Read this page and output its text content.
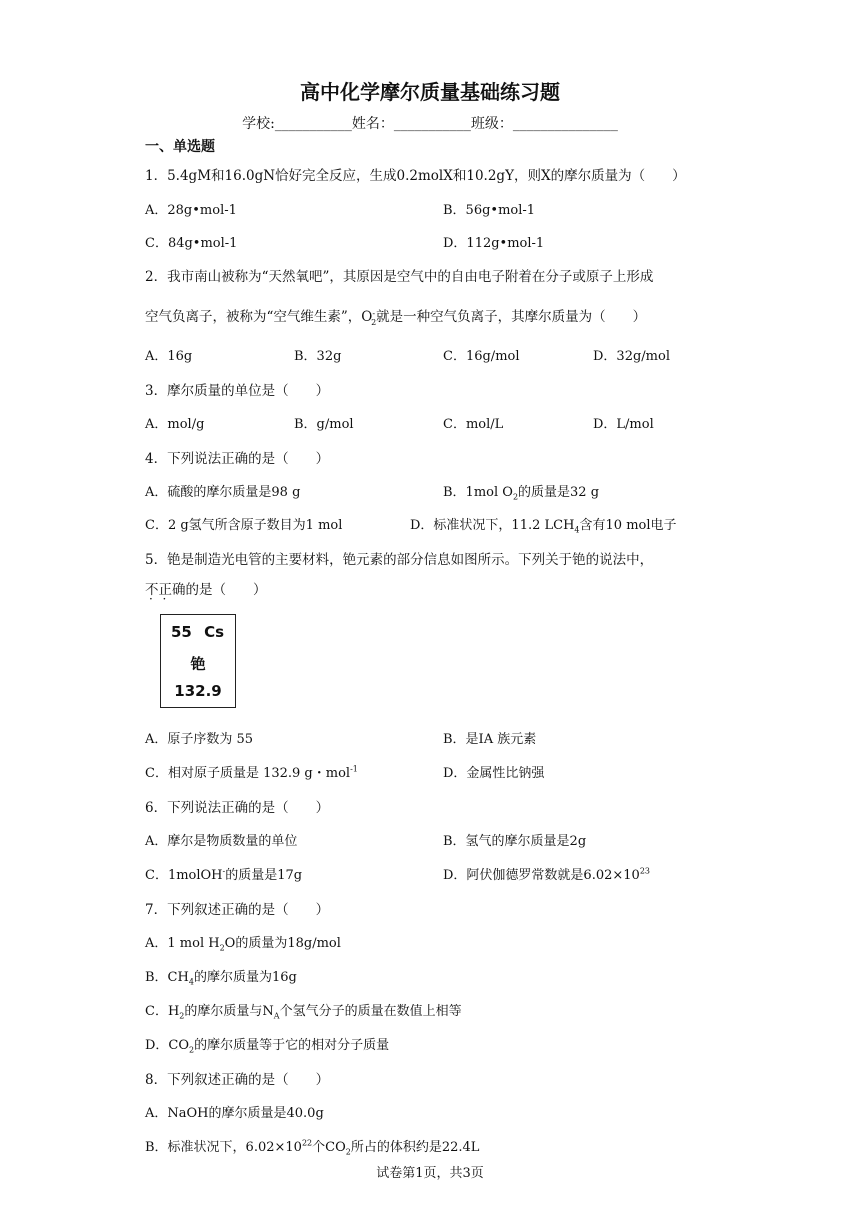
高中化学摩尔质量基础练习题
学校:___________姓名：___________班级：_______________
一、单选题
1．5.4gM和16.0gN恰好完全反应，生成0.2molX和10.2gY，则X的摩尔质量为（　　）
A．28g•mol-1	B．56g•mol-1
C．84g•mol-1	D．112g•mol-1
2．我市南山被称为“天然氧吧”，其原因是空气中的自由电子附着在分子或原子上形成
空气负离子，被称为“空气维生素”，$O^-_2$就是一种空气负离子，其摩尔质量为（　　）
A．16g	B．32g	C．16g/mol	D．32g/mol
3．摩尔质量的单位是（　　）
A．mol/g	B．g/mol	C．mol/L	D．L/mol
4．下列说法正确的是（　　）
A．硫酸的摩尔质量是98 g	B．1mol $O_2$的质量是32 g
C．2 g氢气所含原子数目为1 mol	D．标准状况下，11.2 $LCH_4$含有10 mol电子
5．铯是制造光电管的主要材料，铯元素的部分信息如图所示。下列关于铯的说法中，
不正确的是（　　）
55 Cs
铯
132.9
A．原子序数为 55	B．是ⅠA 族元素
C．相对原子质量是 132.9 g・mol$^{-1}$	D．金属性比钠强
6．下列说法正确的是（　　）
A．摩尔是物质数量的单位	B．氢气的摩尔质量是2g
C．1molOH-的质量是17g	D．阿伏伽德罗常数就是$6.02\times 10^{23}$
7．下列叙述正确的是（　　）
A．1 mol $H_2O$的质量为18g/mol
B．$CH_4$的摩尔质量为16g
C．$H_2$的摩尔质量与$N_A$个氢气分子的质量在数值上相等
D．$CO_2$的摩尔质量等于它的相对分子质量
8．下列叙述正确的是（　　）
A．NaOH的摩尔质量是40.0g
B．标准状况下，$6.02\times 10^{22}$个$CO_2$所占的体积约是22.4L
试卷第1页，共3页
